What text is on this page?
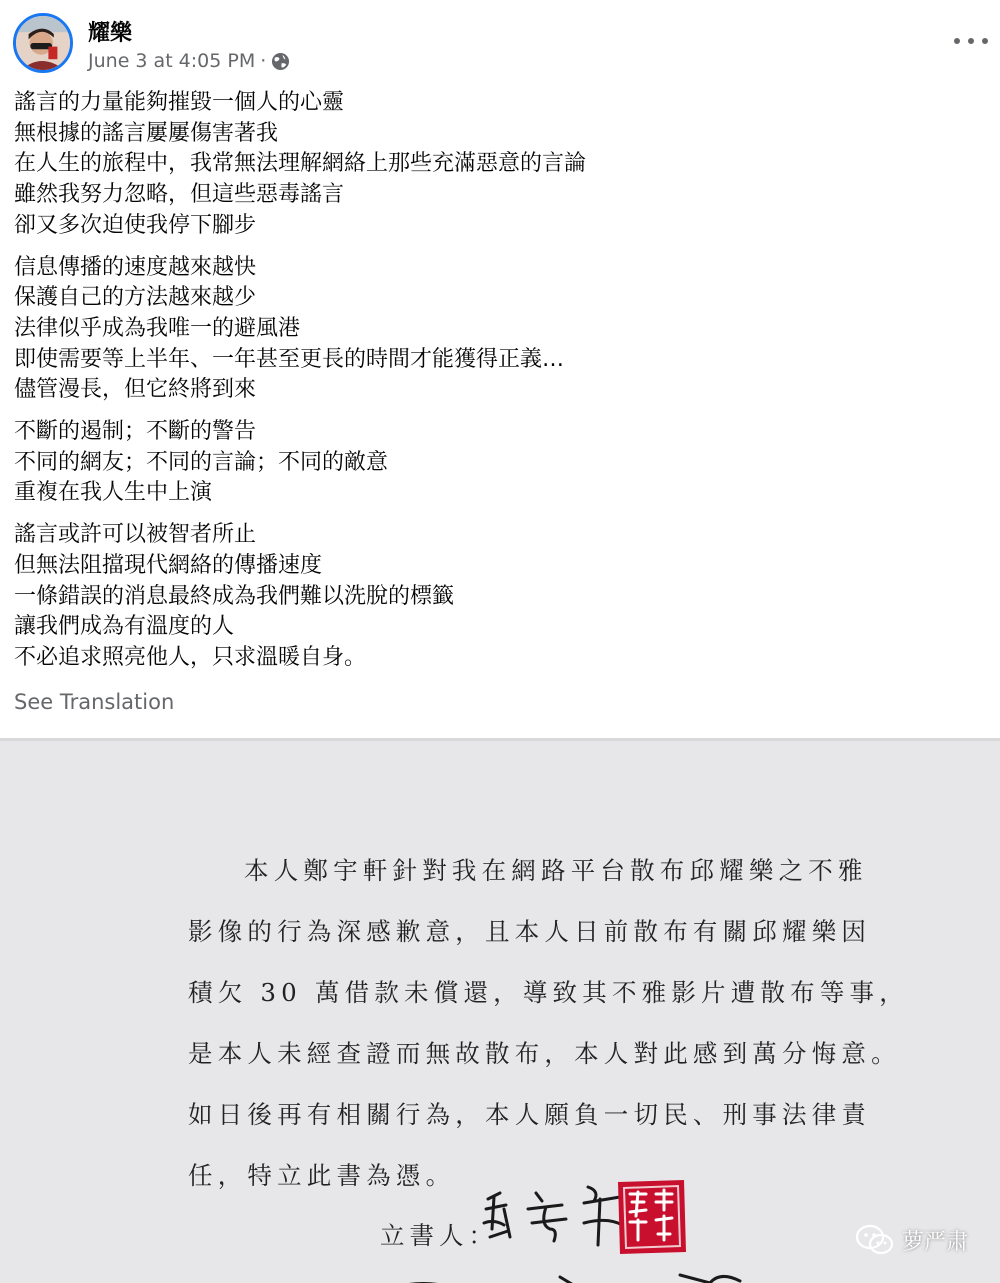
耀樂
June 3 at 4:05 PM ·
謠言的力量能夠摧毀一個人的心靈
無根據的謠言屢屢傷害著我
在人生的旅程中，我常無法理解網絡上那些充滿惡意的言論
雖然我努力忽略，但這些惡毒謠言
卻又多次迫使我停下腳步
信息傳播的速度越來越快
保護自己的方法越來越少
法律似乎成為我唯一的避風港
即使需要等上半年、一年甚至更長的時間才能獲得正義…
儘管漫長，但它終將到來
不斷的遏制；不斷的警告
不同的網友；不同的言論；不同的敵意
重複在我人生中上演
謠言或許可以被智者所止
但無法阻擋現代網絡的傳播速度
一條錯誤的消息最終成為我們難以洗脫的標籤
讓我們成為有溫度的人
不必追求照亮他人，只求溫暖自身。
See Translation
本人鄭宇軒針對我在網路平台散布邱耀樂之不雅
影像的行為深感歉意，且本人日前散布有關邱耀樂因
積欠 30 萬借款未償還，導致其不雅影片遭散布等事，
是本人未經查證而無故散布，本人對此感到萬分悔意。
如日後再有相關行為，本人願負一切民、刑事法律責
任，特立此書為憑。
立書人：	萝严肃
